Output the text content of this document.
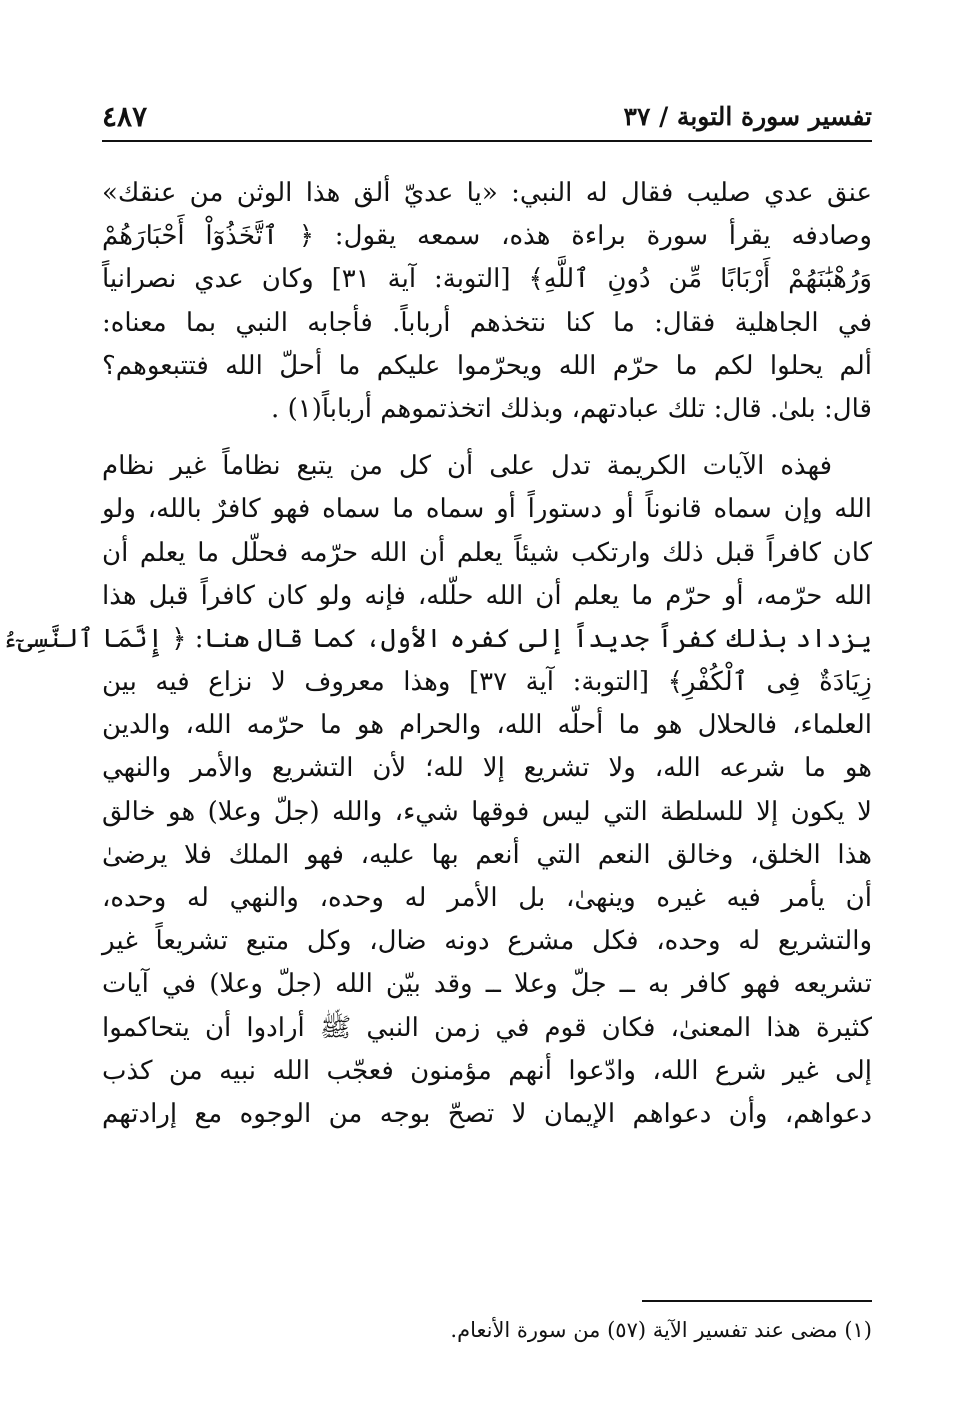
تفسير سورة التوبة / ٣٧
٤٨٧
عنق عدي صليب فقال له النبي: «يا عديّ ألق هذا الوثن من عنقك»
وصادفه يقرأ سورة براءة هذه، سمعه يقول: ﴿ ٱتَّخَذُوٓاْ أَحْبَارَهُمْ
وَرُهْبَٰنَهُمْ أَرْبَابًا مِّن دُونِ ٱللَّهِ﴾ [التوبة: آية ٣١] وكان عدي نصرانياً
في الجاهلية فقال: ما كنا نتخذهم أرباباً. فأجابه النبي بما معناه:
ألم يحلوا لكم ما حرّم الله ويحرّموا عليكم ما أحلّ الله فتتبعوهم؟
قال: بلىٰ. قال: تلك عبادتهم، وبذلك اتخذتموهم أرباباً(١) .
فهذه الآيات الكريمة تدل على أن كل من يتبع نظاماً غير نظام
الله وإن سماه قانوناً أو دستوراً أو سماه ما سماه فهو كافرٌ بالله، ولو
كان كافراً قبل ذلك وارتكب شيئاً يعلم أن الله حرّمه فحلّل ما يعلم أن
الله حرّمه، أو حرّم ما يعلم أن الله حلّله، فإنه ولو كان كافراً قبل هذا
يزداد بذلك كفراً جديداً إلى كفره الأول، كما قال هنا: ﴿ إِنَّمَا ٱلنَّسِىٓءُ
زِيَادَةٌ فِى ٱلْكُفْرِ﴾ [التوبة: آية ٣٧] وهذا معروف لا نزاع فيه بين
العلماء، فالحلال هو ما أحلّه الله، والحرام هو ما حرّمه الله، والدين
هو ما شرعه الله، ولا تشريع إلا لله؛ لأن التشريع والأمر والنهي
لا يكون إلا للسلطة التي ليس فوقها شيء، والله (جلّ وعلا) هو خالق
هذا الخلق، وخالق النعم التي أنعم بها عليه، فهو الملك فلا يرضىٰ
أن يأمر فيه غيره وينهىٰ، بل الأمر له وحده، والنهي له وحده،
والتشريع له وحده، فكل مشرع دونه ضال، وكل متبع تشريعاً غير
تشريعه فهو كافر به ــ جلّ وعلا ــ وقد بيّن الله (جلّ وعلا) في آيات
كثيرة هذا المعنىٰ، فكان قوم في زمن النبي ﷺ أرادوا أن يتحاكموا
إلى غير شرع الله، وادّعوا أنهم مؤمنون فعجّب الله نبيه من كذب
دعواهم، وأن دعواهم الإيمان لا تصحّ بوجه من الوجوه مع إرادتهم
(١) مضى عند تفسير الآية (٥٧) من سورة الأنعام.
